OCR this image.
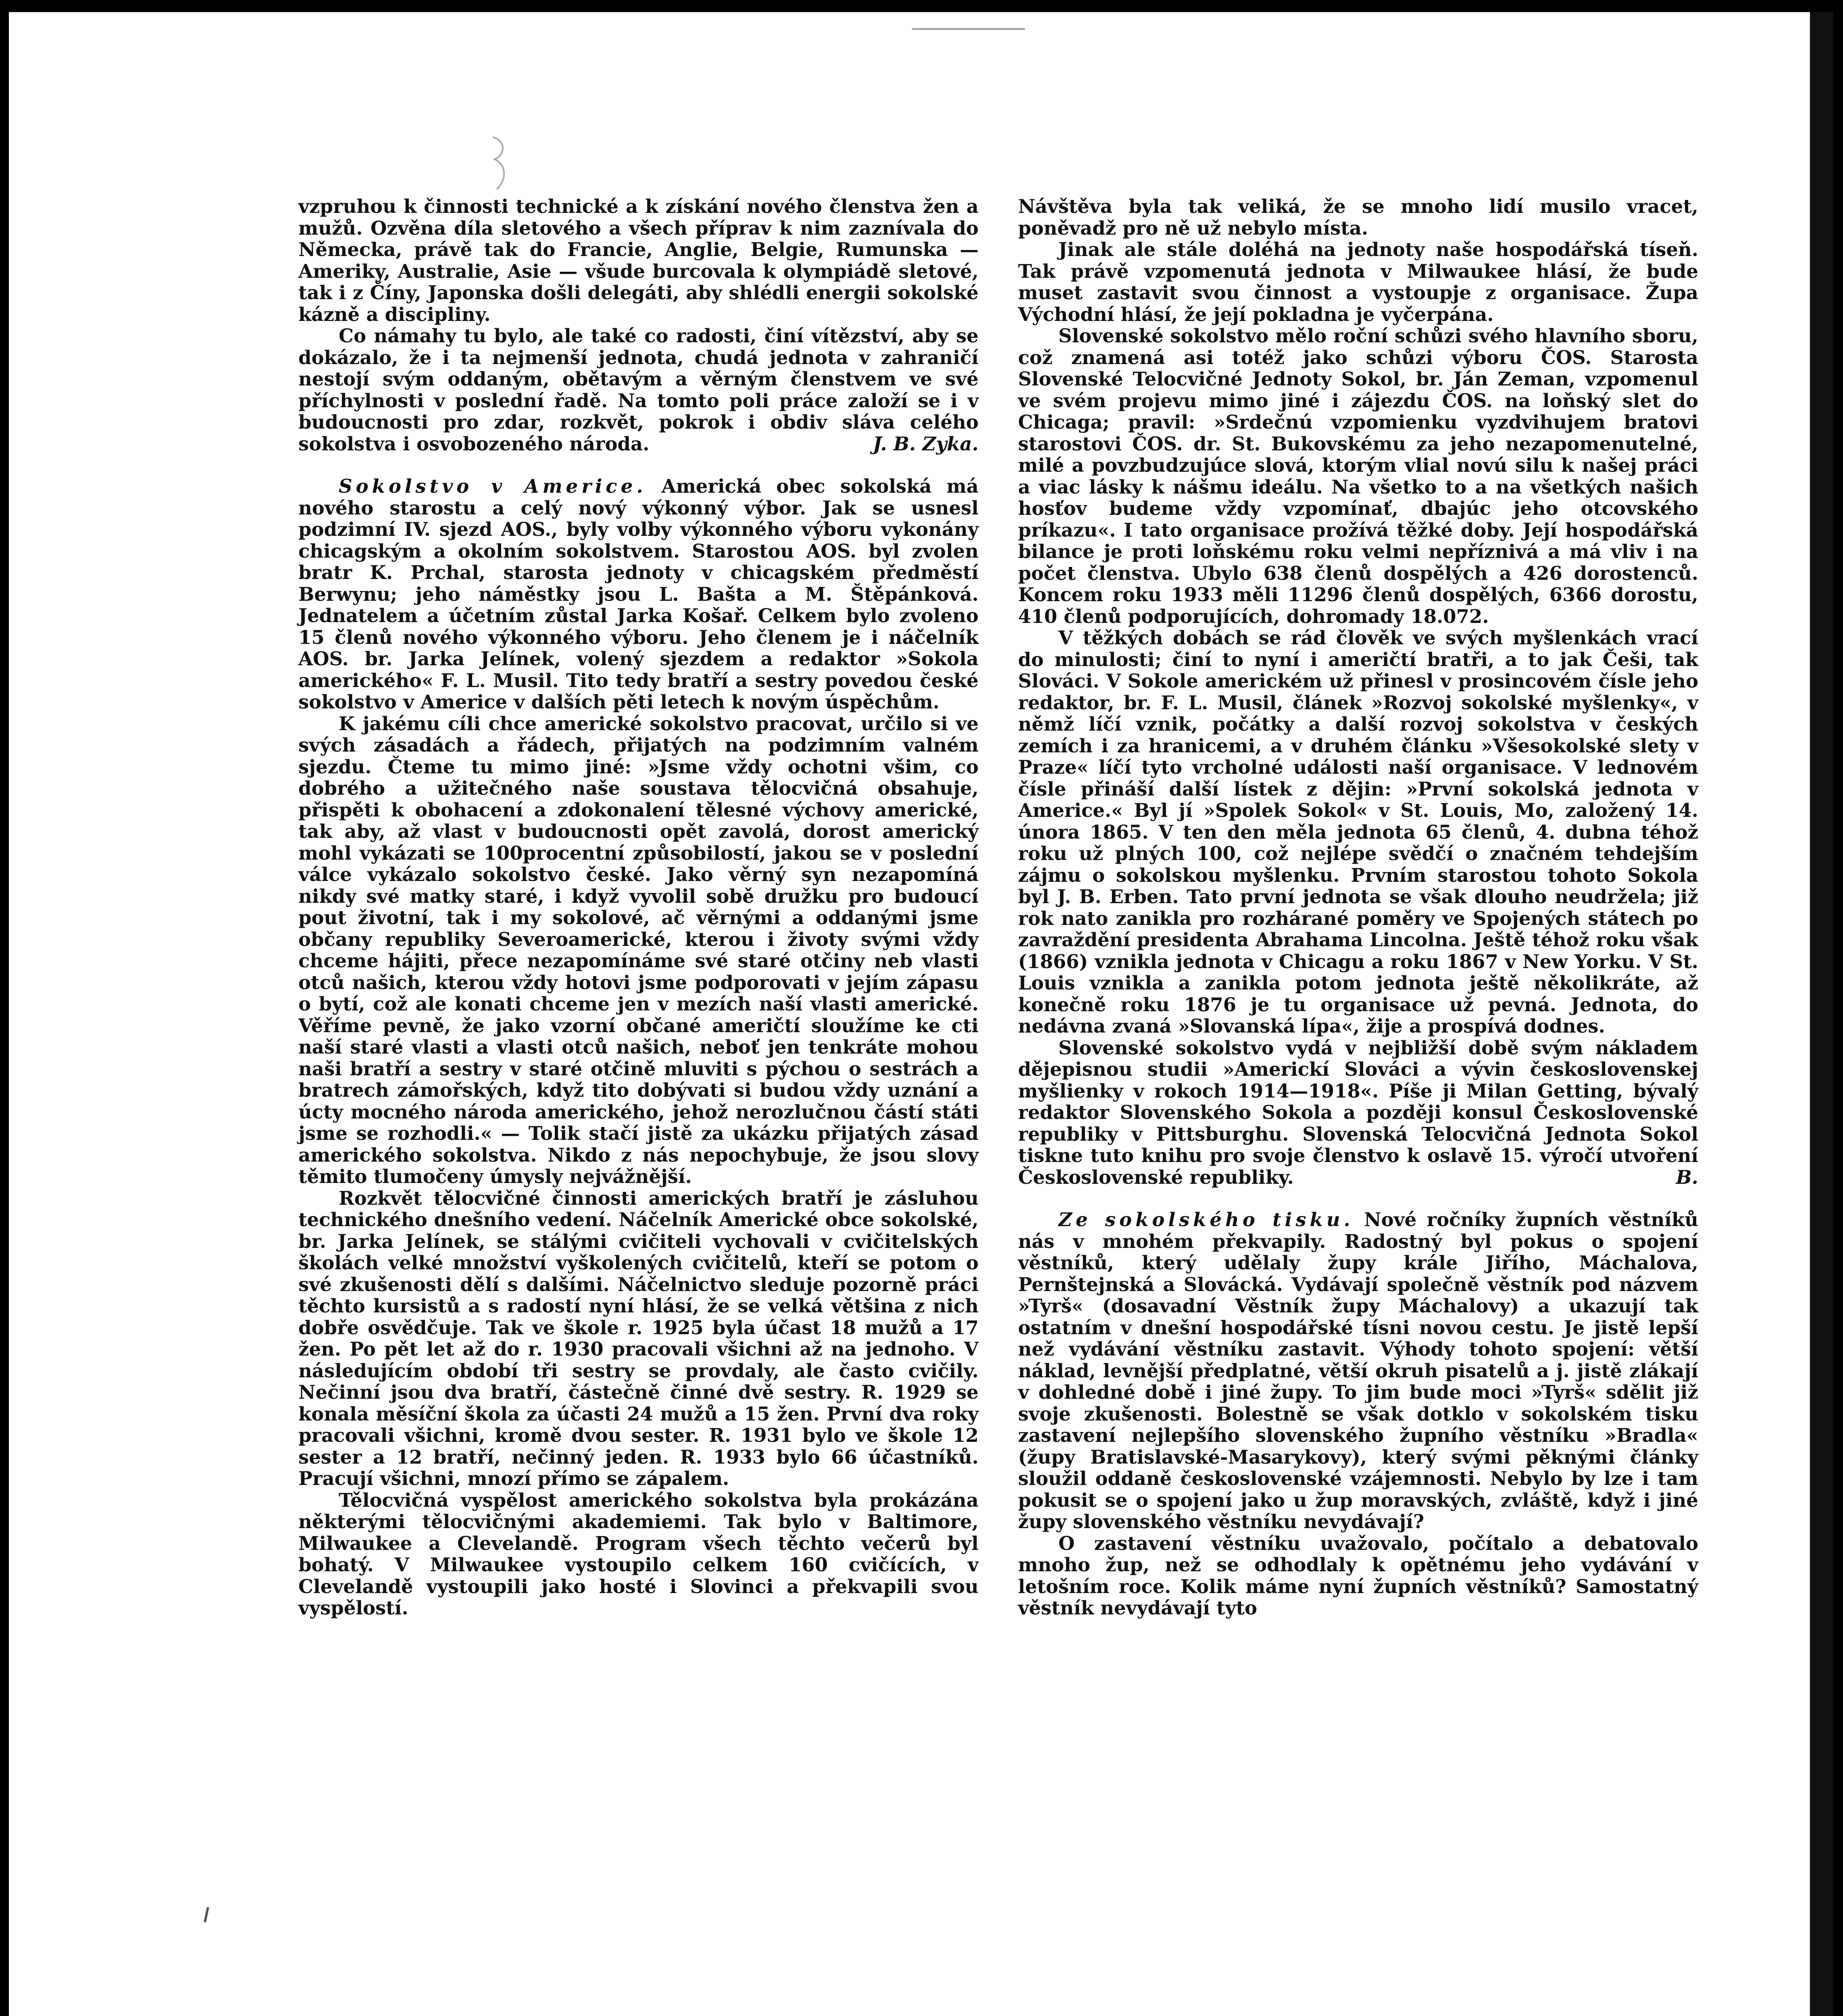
vzpruhou k činnosti technické a k získání nového členstva žen a mužů. Ozvěna díla sletového a všech příprav k nim zaznívala do Německa, právě tak do Francie, Anglie, Belgie, Rumunska — Ameriky, Australie, Asie — všude burcovala k olympiádě sletové, tak i z Číny, Japonska došli delegáti, aby shlédli energii sokolské kázně a discipliny.

Co námahy tu bylo, ale také co radosti, činí vítězství, aby se dokázalo, že i ta nejmenší jednota, chudá jednota v zahraničí nestojí svým oddaným, obětavým a věrným členstvem ve své příchylnosti v poslední řadě. Na tomto poli práce založí se i v budoucnosti pro zdar, rozkvět, pokrok i obdiv sláva celého sokolstva i osvobozeného národa.	J. B. Zyka.

Sokolstvo v Americe. Americká obec sokolská má nového starostu a celý nový výkonný výbor. Jak se usnesl podzimní IV. sjezd AOS., byly volby výkonného výboru vykonány chicagským a okolním sokolstvem. Starostou AOS. byl zvolen bratr K. Prchal, starosta jednoty v chicagském předměstí Berwynu; jeho náměstky jsou L. Bašta a M. Štěpánková. Jednatelem a účetním zůstal Jarka Košař. Celkem bylo zvoleno 15 členů nového výkonného výboru. Jeho členem je i náčelník AOS. br. Jarka Jelínek, volený sjezdem a redaktor »Sokola amerického« F. L. Musil. Tito tedy bratří a sestry povedou české sokolstvo v Americe v dalších pěti letech k novým úspěchům.

K jakému cíli chce americké sokolstvo pracovat, určilo si ve svých zásadách a řádech, přijatých na podzimním valném sjezdu. Čteme tu mimo jiné: »Jsme vždy ochotni všim, co dobrého a užitečného naše soustava tělocvičná obsahuje, přispěti k obohacení a zdokonalení tělesné výchovy americké, tak aby, až vlast v budoucnosti opět zavolá, dorost americký mohl vykázati se 100procentní způsobilostí, jakou se v poslední válce vykázalo sokolstvo české. Jako věrný syn nezapomíná nikdy své matky staré, i když vyvolil sobě družku pro budoucí pout životní, tak i my sokolové, ač věrnými a oddanými jsme občany republiky Severoamerické, kterou i životy svými vždy chceme hájiti, přece nezapomínáme své staré otčiny neb vlasti otců našich, kterou vždy hotovi jsme podporovati v jejím zápasu o bytí, což ale konati chceme jen v mezích naší vlasti americké. Věříme pevně, že jako vzorní občané američtí sloužíme ke cti naší staré vlasti a vlasti otců našich, neboť jen tenkráte mohou naši bratří a sestry v staré otčině mluviti s pýchou o sestrách a bratrech zámořských, když tito dobývati si budou vždy uznání a úcty mocného národa amerického, jehož nerozlučnou částí státi jsme se rozhodli.« — Tolik stačí jistě za ukázku přijatých zásad amerického sokolstva. Nikdo z nás nepochybuje, že jsou slovy těmito tlumočeny úmysly nejvážnější.

Rozkvět tělocvičné činnosti amerických bratří je zásluhou technického dnešního vedení. Náčelník Americké obce sokolské, br. Jarka Jelínek, se stálými cvičiteli vychovali v cvičitelských školách velké množství vyškolených cvičitelů, kteří se potom o své zkušenosti dělí s dalšími. Náčelnictvo sleduje pozorně práci těchto kursistů a s radostí nyní hlásí, že se velká většina z nich dobře osvědčuje. Tak ve škole r. 1925 byla účast 18 mužů a 17 žen. Po pět let až do r. 1930 pracovali všichni až na jednoho. V následujícím období tři sestry se provdaly, ale často cvičily. Nečinní jsou dva bratří, částečně činné dvě sestry. R. 1929 se konala měsíční škola za účasti 24 mužů a 15 žen. První dva roky pracovali všichni, kromě dvou sester. R. 1931 bylo ve škole 12 sester a 12 bratří, nečinný jeden. R. 1933 bylo 66 účastníků. Pracují všichni, mnozí přímo se zápalem.

Tělocvičná vyspělost amerického sokolstva byla prokázána některými tělocvičnými akademiemi. Tak bylo v Baltimore, Milwaukee a Clevelandě. Program všech těchto večerů byl bohatý. V Milwaukee vystoupilo celkem 160 cvičících, v Clevelandě vystoupili jako hosté i Slovinci a překvapili svou vyspělostí.

Návštěva byla tak veliká, že se mnoho lidí musilo vracet, poněvadž pro ně už nebylo místa.

Jinak ale stále doléhá na jednoty naše hospodářská tíseň. Tak právě vzpomenutá jednota v Milwaukee hlásí, že bude muset zastavit svou činnost a vystoupje z organisace. Župa Východní hlásí, že její pokladna je vyčerpána.

Slovenské sokolstvo mělo roční schůzi svého hlavního sboru, což znamená asi totéž jako schůzi výboru ČOS. Starosta Slovenské Telocvičné Jednoty Sokol, br. Ján Zeman, vzpomenul ve svém projevu mimo jiné i zájezdu ČOS. na loňský slet do Chicaga; pravil: »Srdečnú vzpomienku vyzdvihujem bratovi starostovi ČOS. dr. St. Bukovskému za jeho nezapomenutelné, milé a povzbudzujúce slová, ktorým vlial novú silu k našej práci a viac lásky k nášmu ideálu. Na všetko to a na všetkých našich hosťov budeme vždy vzpomínať, dbajúc jeho otcovského príkazu«. I tato organisace prožívá těžké doby. Její hospodářská bilance je proti loňskému roku velmi nepříznivá a má vliv i na počet členstva. Ubylo 638 členů dospělých a 426 dorostenců. Koncem roku 1933 měli 11296 členů dospělých, 6366 dorostu, 410 členů podporujících, dohromady 18.072.

V těžkých dobách se rád člověk ve svých myšlenkách vrací do minulosti; činí to nyní i američtí bratři, a to jak Češi, tak Slováci. V Sokole americkém už přinesl v prosincovém čísle jeho redaktor, br. F. L. Musil, článek »Rozvoj sokolské myšlenky«, v němž líčí vznik, počátky a další rozvoj sokolstva v českých zemích i za hranicemi, a v druhém článku »Všesokolské slety v Praze« líčí tyto vrcholné události naší organisace. V lednovém čísle přináší další lístek z dějin: »První sokolská jednota v Americe.« Byl jí »Spolek Sokol« v St. Louis, Mo, založený 14. února 1865. V ten den měla jednota 65 členů, 4. dubna téhož roku už plných 100, což nejlépe svědčí o značném tehdejším zájmu o sokolskou myšlenku. Prvním starostou tohoto Sokola byl J. B. Erben. Tato první jednota se však dlouho neudržela; již rok nato zanikla pro rozhárané poměry ve Spojených státech po zavraždění presidenta Abrahama Lincolna. Ještě téhož roku však (1866) vznikla jednota v Chicagu a roku 1867 v New Yorku. V St. Louis vznikla a zanikla potom jednota ještě několikráte, až konečně roku 1876 je tu organisace už pevná. Jednota, do nedávna zvaná »Slovanská lípa«, žije a prospívá dodnes.

Slovenské sokolstvo vydá v nejbližší době svým nákladem dějepisnou studii »Americkí Slováci a vývin československej myšlienky v rokoch 1914—1918«. Píše ji Milan Getting, bývalý redaktor Slovenského Sokola a později konsul Československé republiky v Pittsburghu. Slovenská Telocvičná Jednota Sokol tiskne tuto knihu pro svoje členstvo k oslavě 15. výročí utvoření Československé republiky.	B.

Ze sokolského tisku. Nové ročníky župních věstníků nás v mnohém překvapily. Radostný byl pokus o spojení věstníků, který udělaly župy krále Jiřího, Máchalova, Pernštejnská a Slovácká. Vydávají společně věstník pod názvem »Tyrš« (dosavadní Věstník župy Máchalovy) a ukazují tak ostatním v dnešní hospodářské tísni novou cestu. Je jistě lepší než vydávání věstníku zastavit. Výhody tohoto spojení: větší náklad, levnější předplatné, větší okruh pisatelů a j. jistě zlákají v dohledné době i jiné župy. To jim bude moci »Tyrš« sdělit již svoje zkušenosti. Bolestně se však dotklo v sokolském tisku zastavení nejlepšího slovenského župního věstníku »Bradla« (župy Bratislavské-Masarykovy), který svými pěknými články sloužil oddaně československé vzájemnosti. Nebylo by lze i tam pokusit se o spojení jako u žup moravských, zvláště, když i jiné župy slovenského věstníku nevydávají?

O zastavení věstníku uvažovalo, počítalo a debatovalo mnoho žup, než se odhodlaly k opětnému jeho vydávání v letošním roce. Kolik máme nyní župních věstníků? Samostatný věstník nevydávají tyto
